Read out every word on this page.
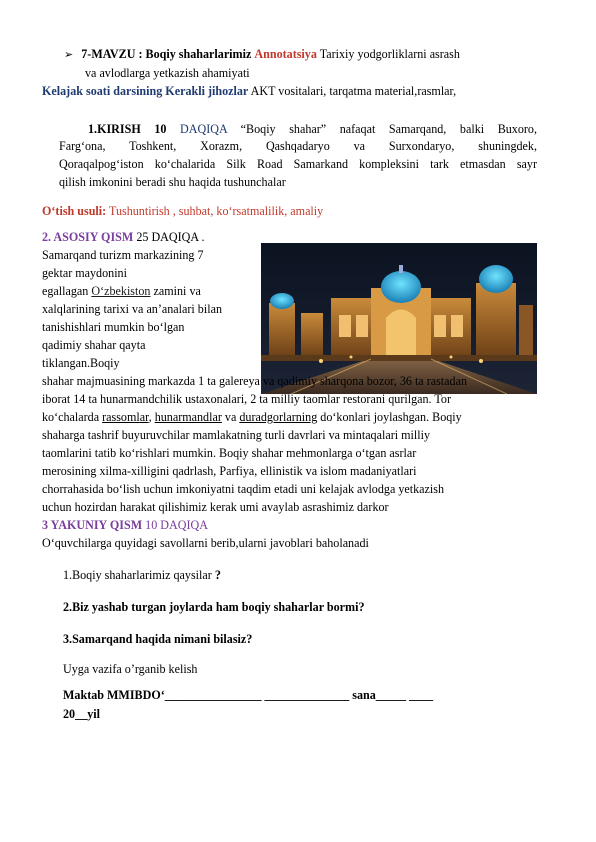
➢ 7-MAVZU : Boqiy shaharlarimiz Annotatsiya Tarixiy yodgorliklarni asrash
va avlodlarga yetkazish ahamiyati
Kelajak soati darsining Kerakli jihozlar AKT vositalari, tarqatma material,rasmlar,
1.KIRISH 10 DAQIQA “Boqiy shahar” nafaqat Samarqand, balki Buxoro,
Farg‘ona, Toshkent, Xorazm, Qashqadaryo va Surxondaryo, shuningdek,
Qoraqalpog‘iston ko‘chalarida Silk Road Samarkand kompleksini tark etmasdan sayr
qilish imkonini beradi shu haqida tushunchalar
O‘tish usuli: Tushuntirish , suhbat, ko‘rsatmalilik, amaliy
2. ASOSIY QISM 25 DAQIQA .
Samarqand turizm markazining 7
gektar maydonini
egallagan O‘zbekiston zamini va
xalqlarining tarixi va an’analari bilan
tanishishlari mumkin bo‘lgan
qadimiy shahar qayta
tiklangan.Boqiy
shahar majmuasining markazda 1 ta galereya va qadimiy sharqona bozor, 36 ta rastadan
iborat 14 ta hunarmandchilik ustaxonalari, 2 ta milliy taomlar restorani qurilgan. Tor
ko‘chalarda rassomlar, hunarmandlar va duradgorlarning do‘konlari joylashgan. Boqiy
shaharga tashrif buyuruvchilar mamlakatning turli davrlari va mintaqalari milliy
taomlarini tatib ko‘rishlari mumkin. Boqiy shahar mehmonlarga o‘tgan asrlar
merosining xilma-xilligini qadrlash, Parfiya, ellinistik va islom madaniyatlari
chorrahasida bo‘lish uchun imkoniyatni taqdim etadi uni kelajak avlodga yetkazish
uchun hozirdan harakat qilishimiz kerak umi avaylab asrashimiz darkor
3 YAKUNIY QISM 10 DAQIQA
O‘quvchilarga quyidagi savollarni berib,ularni javoblari baholanadi
1.Boqiy shaharlarimiz qaysilar ?
2.Biz yashab turgan joylarda ham boqiy shaharlar bormi?
3.Samarqand haqida nimani bilasiz?
Uyga vazifa o’rganib kelish
Maktab MMIBDO‘________________ ______________ sana_____ ____
20__yil
